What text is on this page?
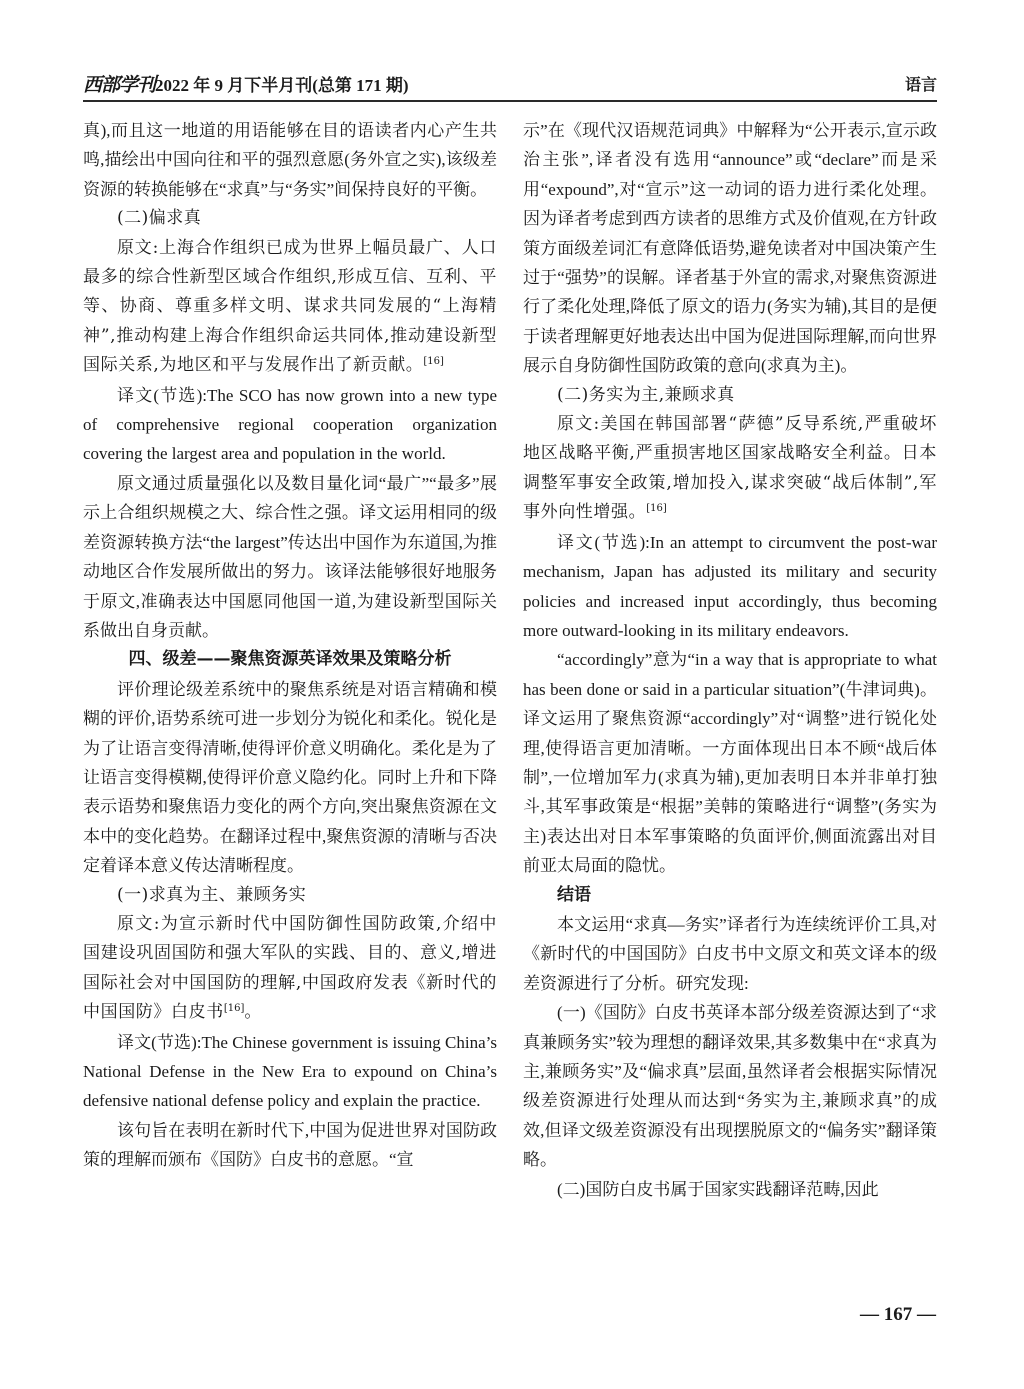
西部学刊2022 年 9 月下半月刊(总第 171 期)	语言

真),而且这一地道的用语能够在目的语读者内心产生共鸣,描绘出中国向往和平的强烈意愿(务外宣之实),该级差资源的转换能够在“求真”与“务实”间保持良好的平衡。

(二)偏求真

原文:上海合作组织已成为世界上幅员最广、人口最多的综合性新型区域合作组织,形成互信、互利、平等、协商、尊重多样文明、谋求共同发展的“上海精神”,推动构建上海合作组织命运共同体,推动建设新型国际关系,为地区和平与发展作出了新贡献。[16]

译文(节选):The SCO has now grown into a new type of comprehensive regional cooperation organization covering the largest area and population in the world.

原文通过质量强化以及数目量化词“最广”“最多”展示上合组织规模之大、综合性之强。译文运用相同的级差资源转换方法“the largest”传达出中国作为东道国,为推动地区合作发展所做出的努力。该译法能够很好地服务于原文,准确表达中国愿同他国一道,为建设新型国际关系做出自身贡献。

四、级差——聚焦资源英译效果及策略分析

评价理论级差系统中的聚焦系统是对语言精确和模糊的评价,语势系统可进一步划分为锐化和柔化。锐化是为了让语言变得清晰,使得评价意义明确化。柔化是为了让语言变得模糊,使得评价意义隐约化。同时上升和下降表示语势和聚焦语力变化的两个方向,突出聚焦资源在文本中的变化趋势。在翻译过程中,聚焦资源的清晰与否决定着译本意义传达清晰程度。

(一)求真为主、兼顾务实

原文:为宣示新时代中国防御性国防政策,介绍中国建设巩固国防和强大军队的实践、目的、意义,增进国际社会对中国国防的理解,中国政府发表《新时代的中国国防》白皮书[16]。

译文(节选):The Chinese government is issuing China’s National Defense in the New Era to expound on China’s defensive national defense policy and explain the practice.

该句旨在表明在新时代下,中国为促进世界对国防政策的理解而颁布《国防》白皮书的意愿。“宣

示”在《现代汉语规范词典》中解释为“公开表示,宣示政治主张”,译者没有选用“announce”或“declare”而是采用“expound”,对“宣示”这一动词的语力进行柔化处理。因为译者考虑到西方读者的思维方式及价值观,在方针政策方面级差词汇有意降低语势,避免读者对中国决策产生过于“强势”的误解。译者基于外宣的需求,对聚焦资源进行了柔化处理,降低了原文的语力(务实为辅),其目的是便于读者理解更好地表达出中国为促进国际理解,而向世界展示自身防御性国防政策的意向(求真为主)。

(二)务实为主,兼顾求真

原文:美国在韩国部署“萨德”反导系统,严重破坏地区战略平衡,严重损害地区国家战略安全利益。日本调整军事安全政策,增加投入,谋求突破“战后体制”,军事外向性增强。[16]

译文(节选):In an attempt to circumvent the post-war mechanism, Japan has adjusted its military and security policies and increased input accordingly, thus becoming more outward-looking in its military endeavors.

“accordingly”意为“in a way that is appropriate to what has been done or said in a particular situation”(牛津词典)。译文运用了聚焦资源“accordingly”对“调整”进行锐化处理,使得语言更加清晰。一方面体现出日本不顾“战后体制”,一位增加军力(求真为辅),更加表明日本并非单打独斗,其军事政策是“根据”美韩的策略进行“调整”(务实为主)表达出对日本军事策略的负面评价,侧面流露出对目前亚太局面的隐忧。

结语

本文运用“求真—务实”译者行为连续统评价工具,对《新时代的中国国防》白皮书中文原文和英文译本的级差资源进行了分析。研究发现:

(一)《国防》白皮书英译本部分级差资源达到了“求真兼顾务实”较为理想的翻译效果,其多数集中在“求真为主,兼顾务实”及“偏求真”层面,虽然译者会根据实际情况级差资源进行处理从而达到“务实为主,兼顾求真”的成效,但译文级差资源没有出现摆脱原文的“偏务实”翻译策略。

(二)国防白皮书属于国家实践翻译范畴,因此

— 167 —
